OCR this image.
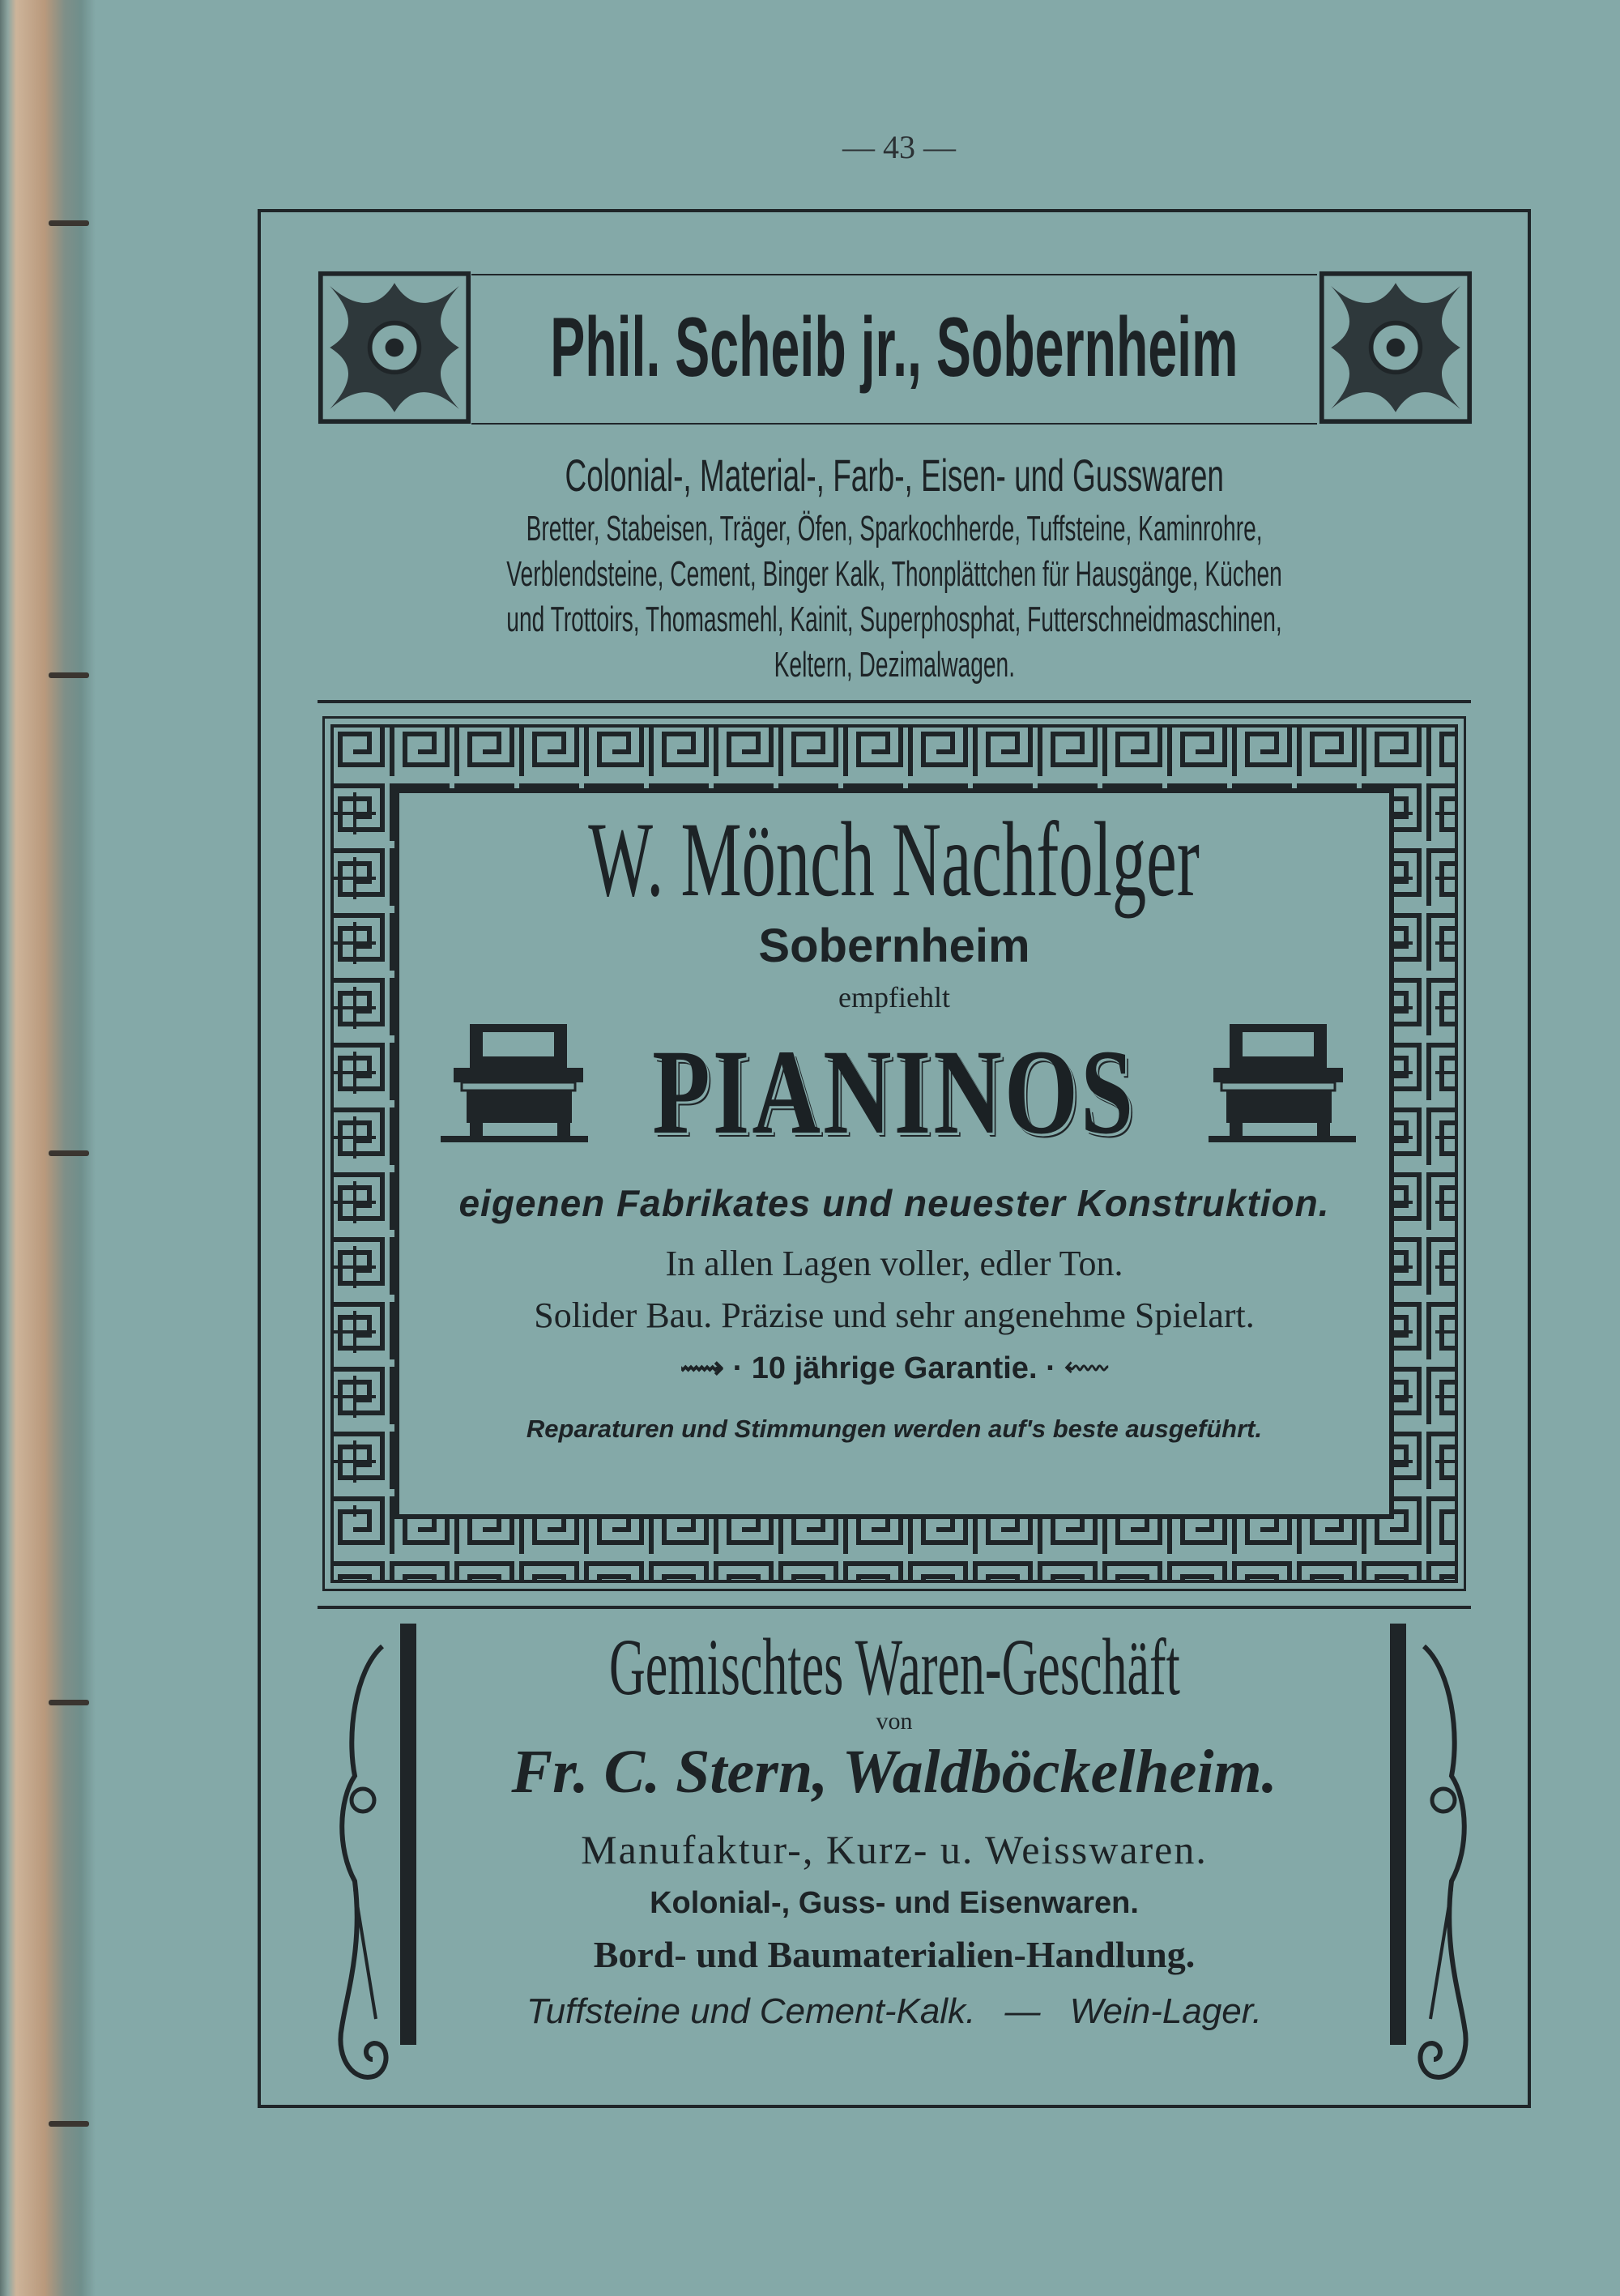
— 43 —
Phil. Scheib jr., Sobernheim
Colonial-, Material-, Farb-, Eisen- und Gusswaren
Bretter, Stabeisen, Träger, Öfen, Sparkochherde, Tuffsteine, Kaminrohre,
Verblendsteine, Cement, Binger Kalk, Thonplättchen für Hausgänge, Küchen
und Trottoirs, Thomasmehl, Kainit, Superphosphat, Futterschneidmaschinen,
Keltern, Dezimalwagen.
W. Mönch Nachfolger
Sobernheim
empfiehlt
PIANINOS
eigenen Fabrikates und neuester Konstruktion.
In allen Lagen voller, edler Ton.
Solider Bau. Präzise und sehr angenehme Spielart.
⟿ · 10 jährige Garantie. · ⬳
Reparaturen und Stimmungen werden auf's beste ausgeführt.
Gemischtes Waren-Geschäft
von
Fr. C. Stern, Waldböckelheim.
Manufaktur-, Kurz- u. Weisswaren.
Kolonial-, Guss- und Eisenwaren.
Bord- und Baumaterialien-Handlung.
Tuffsteine und Cement-Kalk. — Wein-Lager.
